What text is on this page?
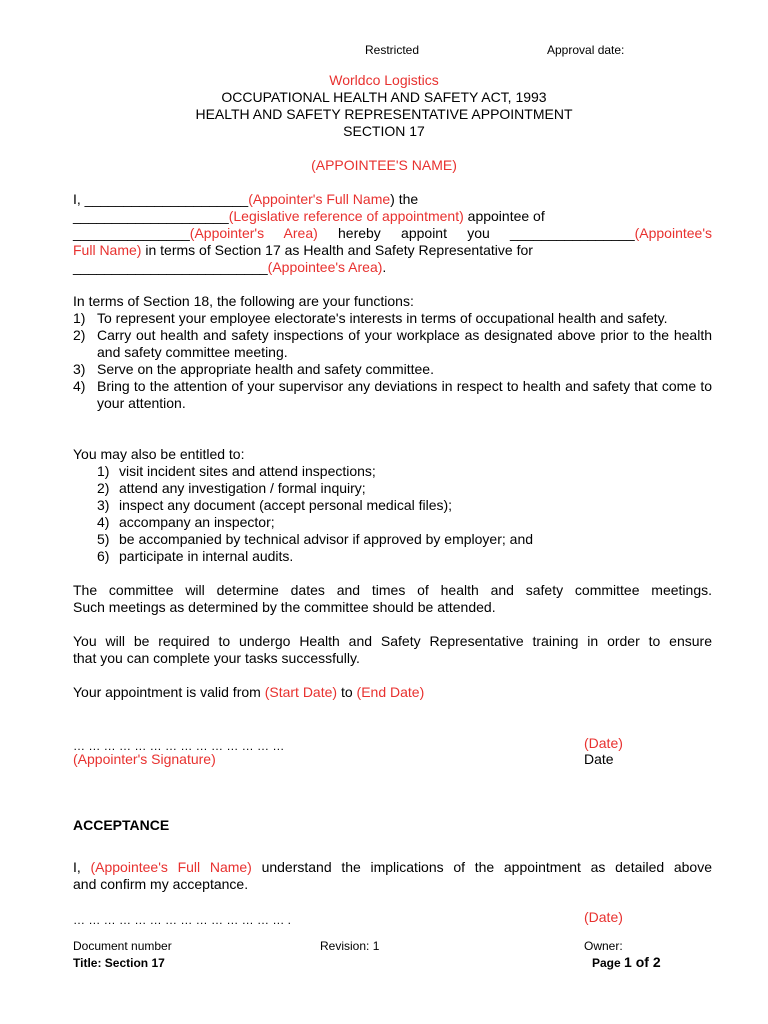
Restricted	Approval date:
Worldco Logistics
OCCUPATIONAL HEALTH AND SAFETY ACT, 1993
HEALTH AND SAFETY REPRESENTATIVE APPOINTMENT
SECTION 17
(APPOINTEE'S NAME)
I, _____________________(Appointer's Full Name) the
____________________(Legislative reference of appointment) appointee of
_______________(Appointer's Area) hereby appoint you ________________(Appointee's
Full Name) in terms of Section 17 as Health and Safety Representative for
_________________________(Appointee's Area).
In terms of Section 18, the following are your functions:
1) To represent your employee electorate's interests in terms of occupational health and safety.
2) Carry out health and safety inspections of your workplace as designated above prior to the health and safety committee meeting.
3) Serve on the appropriate health and safety committee.
4) Bring to the attention of your supervisor any deviations in respect to health and safety that come to your attention.
You may also be entitled to:
1) visit incident sites and attend inspections;
2) attend any investigation / formal inquiry;
3) inspect any document (accept personal medical files);
4) accompany an inspector;
5) be accompanied by technical advisor if approved by employer; and
6) participate in internal audits.
The committee will determine dates and times of health and safety committee meetings.
Such meetings as determined by the committee should be attended.
You will be required to undergo Health and Safety Representative training in order to ensure
that you can complete your tasks successfully.
Your appointment is valid from (Start Date) to (End Date)
… … … … … … … … … … … … … …
(Appointer's Signature)
(Date)
Date
ACCEPTANCE
I, (Appointee's Full Name) understand the implications of the appointment as detailed above
and confirm my acceptance.
… … … … … … … … … … … … … … .	(Date)
Document number	Revision: 1	Owner:
Title: Section 17	Page 1 of 2
